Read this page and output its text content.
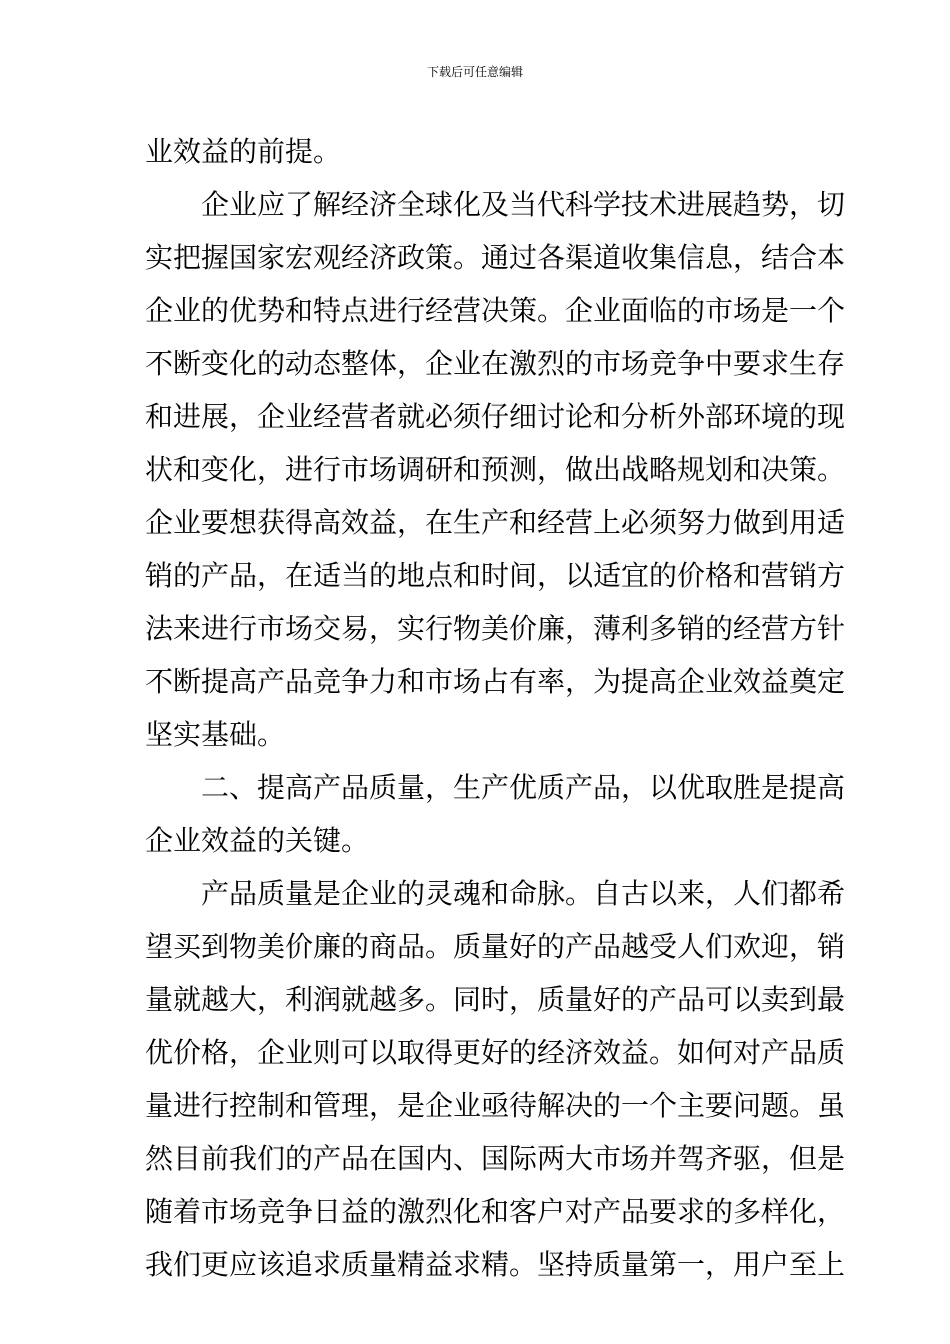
下载后可任意编辑
业效益的前提。
企业应了解经济全球化及当代科学技术进展趋势，切
实把握国家宏观经济政策。通过各渠道收集信息，结合本
企业的优势和特点进行经营决策。企业面临的市场是一个
不断变化的动态整体，企业在激烈的市场竞争中要求生存
和进展，企业经营者就必须仔细讨论和分析外部环境的现
状和变化，进行市场调研和预测，做出战略规划和决策。
企业要想获得高效益，在生产和经营上必须努力做到用适
销的产品，在适当的地点和时间，以适宜的价格和营销方
法来进行市场交易，实行物美价廉，薄利多销的经营方针
不断提高产品竞争力和市场占有率，为提高企业效益奠定
坚实基础。
二、提高产品质量，生产优质产品，以优取胜是提高
企业效益的关键。
产品质量是企业的灵魂和命脉。自古以来，人们都希
望买到物美价廉的商品。质量好的产品越受人们欢迎，销
量就越大，利润就越多。同时，质量好的产品可以卖到最
优价格，企业则可以取得更好的经济效益。如何对产品质
量进行控制和管理，是企业亟待解决的一个主要问题。虽
然目前我们的产品在国内、国际两大市场并驾齐驱，但是
随着市场竞争日益的激烈化和客户对产品要求的多样化，
我们更应该追求质量精益求精。坚持质量第一，用户至上
